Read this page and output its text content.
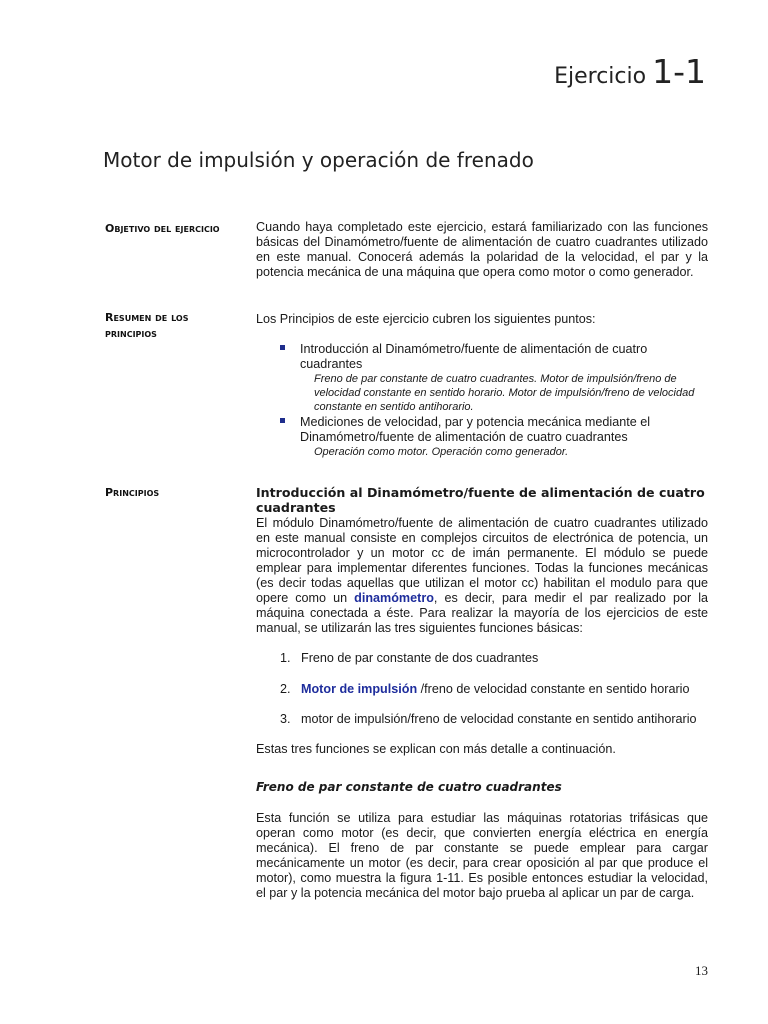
Ejercicio 1-1
Motor de impulsión y operación de frenado
Objetivo del ejercicio	Cuando haya completado este ejercicio, estará familiarizado con las funciones básicas del Dinamómetro/fuente de alimentación de cuatro cuadrantes utilizado en este manual. Conocerá además la polaridad de la velocidad, el par y la potencia mecánica de una máquina que opera como motor o como generador.

Resumen de los
principios

Los Principios de este ejercicio cubren los siguientes puntos:

Introducción al Dinamómetro/fuente de alimentación de cuatro cuadrantes
Freno de par constante de cuatro cuadrantes. Motor de impulsión/freno de velocidad constante en sentido horario. Motor de impulsión/freno de velocidad constante en sentido antihorario.
Mediciones de velocidad, par y potencia mecánica mediante el Dinamómetro/fuente de alimentación de cuatro cuadrantes
Operación como motor. Operación como generador.
Principios	Introducción al Dinamómetro/fuente de alimentación de cuatro cuadrantes

El módulo Dinamómetro/fuente de alimentación de cuatro cuadrantes utilizado en este manual consiste en complejos circuitos de electrónica de potencia, un microcontrolador y un motor cc de imán permanente. El módulo se puede emplear para implementar diferentes funciones. Todas la funciones mecánicas (es decir todas aquellas que utilizan el motor cc) habilitan el modulo para que opere como un dinamómetro, es decir, para medir el par realizado por la máquina conectada a éste. Para realizar la mayoría de los ejercicios de este manual, se utilizarán las tres siguientes funciones básicas:

1. Freno de par constante de dos cuadrantes
2. Motor de impulsión /freno de velocidad constante en sentido horario
3. motor de impulsión/freno de velocidad constante en sentido antihorario

Estas tres funciones se explican con más detalle a continuación.

Freno de par constante de cuatro cuadrantes

Esta función se utiliza para estudiar las máquinas rotatorias trifásicas que operan como motor (es decir, que convierten energía eléctrica en energía mecánica). El freno de par constante se puede emplear para cargar mecánicamente un motor (es decir, para crear oposición al par que produce el motor), como muestra la figura 1-11. Es posible entonces estudiar la velocidad, el par y la potencia mecánica del motor bajo prueba al aplicar un par de carga.

13
